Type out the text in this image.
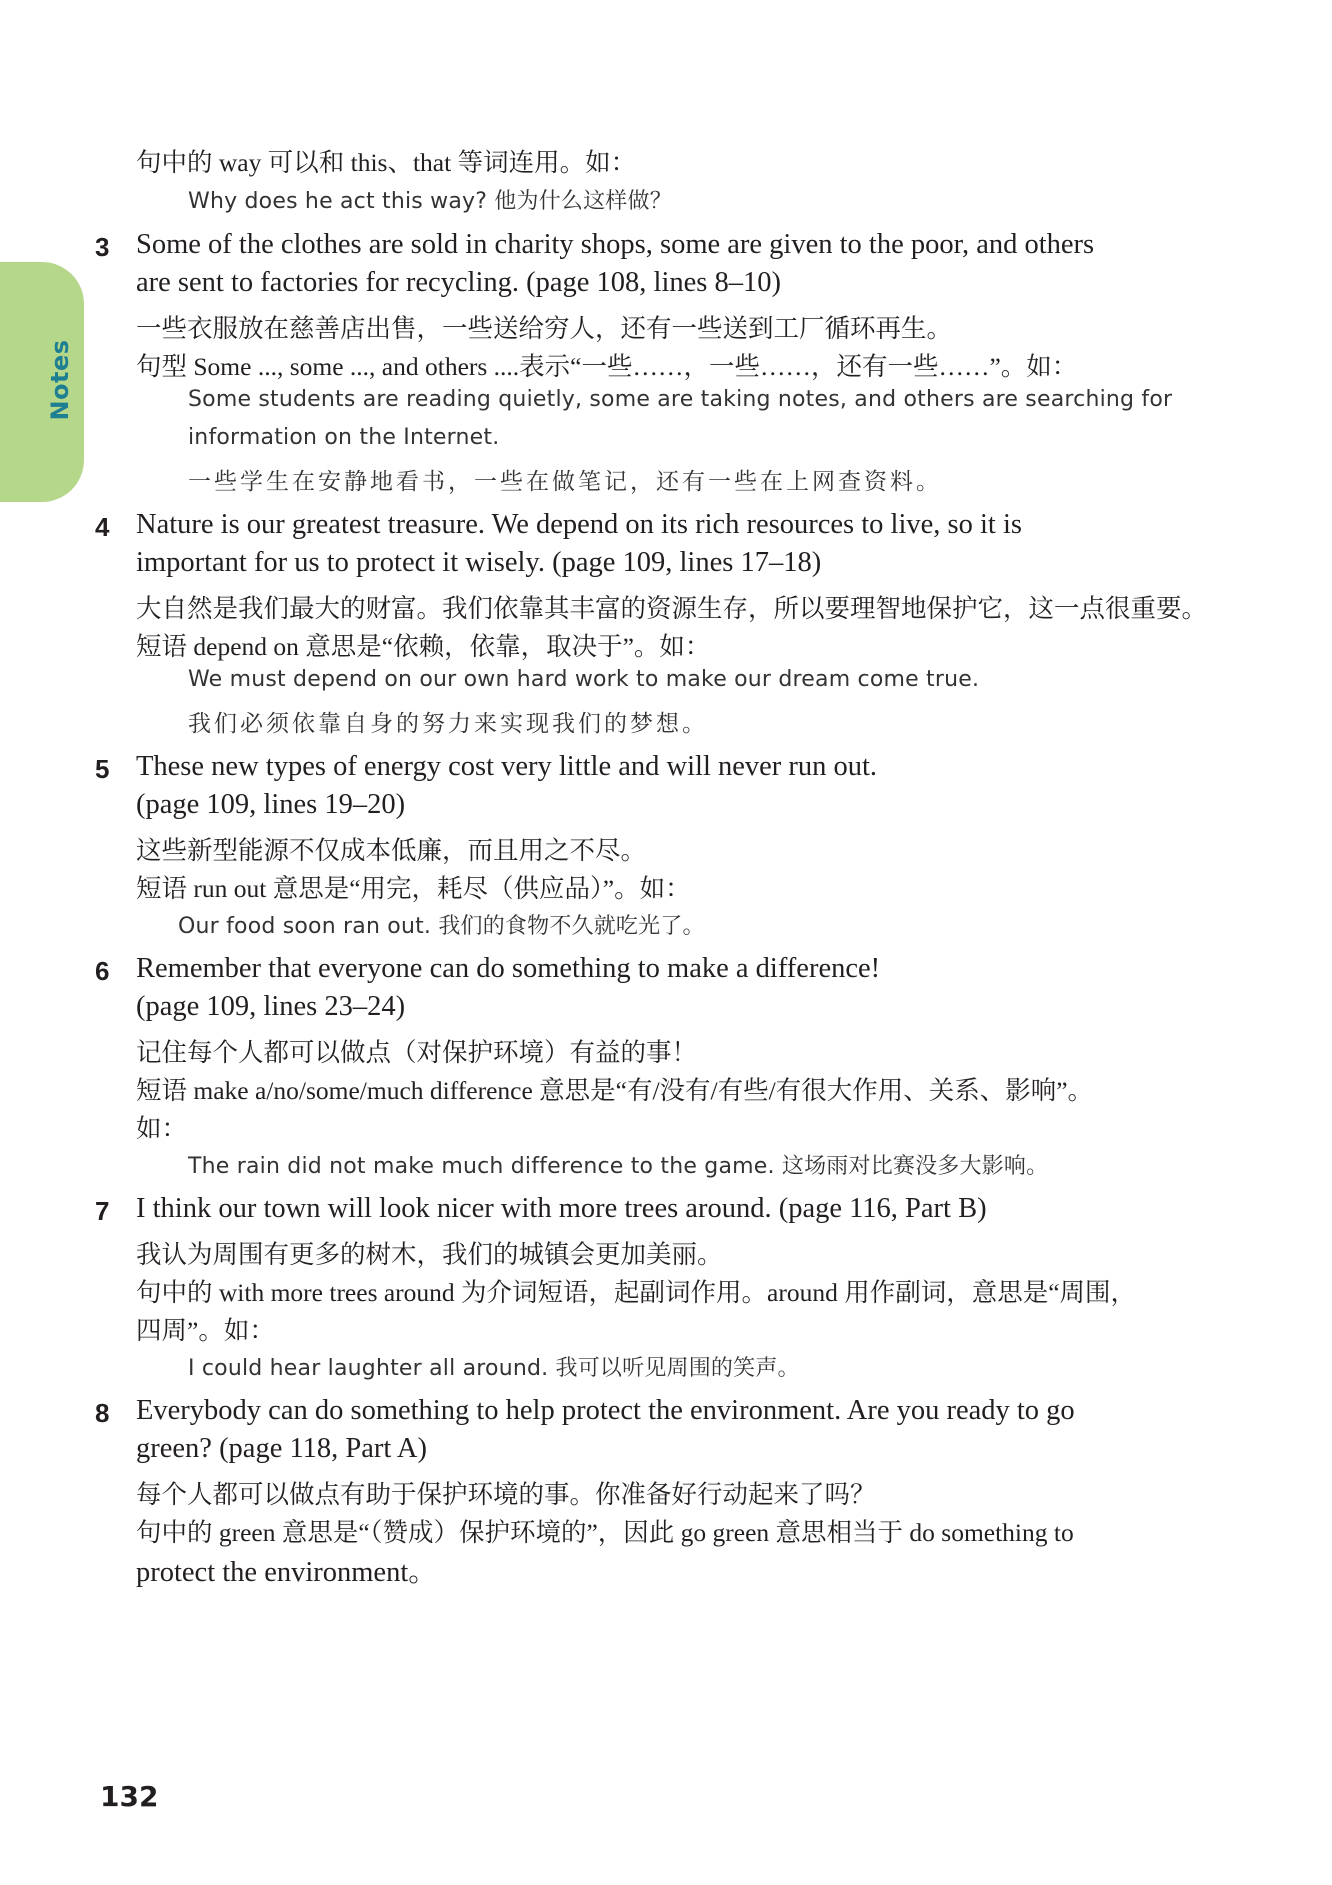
Notes
句中的 way 可以和 this、that 等词连用。如：
Why does he act this way? 他为什么这样做？
3 Some of the clothes are sold in charity shops, some are given to the poor, and others
are sent to factories for recycling. (page 108, lines 8–10)
一些衣服放在慈善店出售，一些送给穷人，还有一些送到工厂循环再生。
句型 Some ..., some ..., and others ....表示“一些……，一些……，还有一些……”。如：
Some students are reading quietly, some are taking notes, and others are searching for
information on the Internet.
一些学生在安静地看书，一些在做笔记，还有一些在上网查资料。
4 Nature is our greatest treasure. We depend on its rich resources to live, so it is
important for us to protect it wisely. (page 109, lines 17–18)
大自然是我们最大的财富。我们依靠其丰富的资源生存，所以要理智地保护它，这一点很重要。
短语 depend on 意思是“依赖，依靠，取决于”。如：
We must depend on our own hard work to make our dream come true.
我们必须依靠自身的努力来实现我们的梦想。
5 These new types of energy cost very little and will never run out.
(page 109, lines 19–20)
这些新型能源不仅成本低廉，而且用之不尽。
短语 run out 意思是“用完，耗尽（供应品）”。如：
Our food soon ran out. 我们的食物不久就吃光了。
6 Remember that everyone can do something to make a difference!
(page 109, lines 23–24)
记住每个人都可以做点（对保护环境）有益的事！
短语 make a/no/some/much difference 意思是“有/没有/有些/有很大作用、关系、影响”。
如：
The rain did not make much difference to the game. 这场雨对比赛没多大影响。
7 I think our town will look nicer with more trees around. (page 116, Part B)
我认为周围有更多的树木，我们的城镇会更加美丽。
句中的 with more trees around 为介词短语，起副词作用。around 用作副词，意思是“周围，
四周”。如：
I could hear laughter all around. 我可以听见周围的笑声。
8 Everybody can do something to help protect the environment. Are you ready to go
green? (page 118, Part A)
每个人都可以做点有助于保护环境的事。你准备好行动起来了吗？
句中的 green 意思是“（赞成）保护环境的”，因此 go green 意思相当于 do something to
protect the environment。
132
